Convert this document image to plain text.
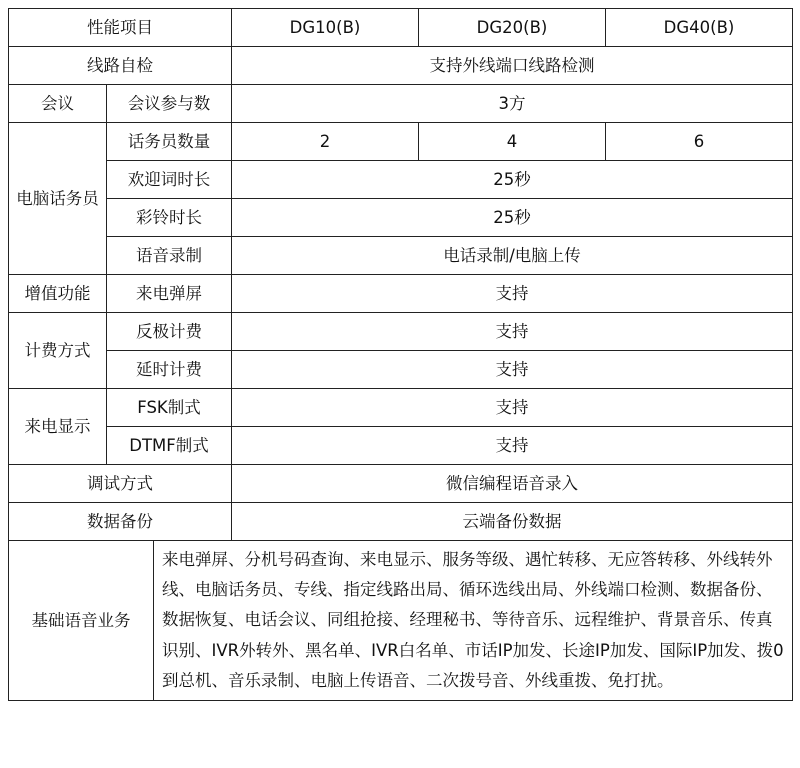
性能项目			DG10(B)	DG20(B)	DG40(B)
线路自检			支持外线端口线路检测		
会议	会议参与数		3方		
电脑话务员	话务员数量		2	4	6
	欢迎词时长		25秒		
	彩铃时长		25秒		
	语音录制		电话录制/电脑上传		
增值功能	来电弹屏		支持		
计费方式	反极计费		支持		
	延时计费		支持		
来电显示	FSK制式		支持		
	DTMF制式		支持		
调试方式			微信编程语音录入		
数据备份			云端备份数据		
基础语音业务		来电弹屏、分机号码查询、来电显示、服务等级、遇忙转移、无应答转移、外线转外线、电脑话务员、专线、指定线路出局、循环选线出局、外线端口检测、数据备份、数据恢复、电话会议、同组抢接、经理秘书、等待音乐、远程维护、背景音乐、传真识别、IVR外转外、黑名单、IVR白名单、市话IP加发、长途IP加发、国际IP加发、拨0到总机、音乐录制、电脑上传语音、二次拨号音、外线重拨、免打扰。			
